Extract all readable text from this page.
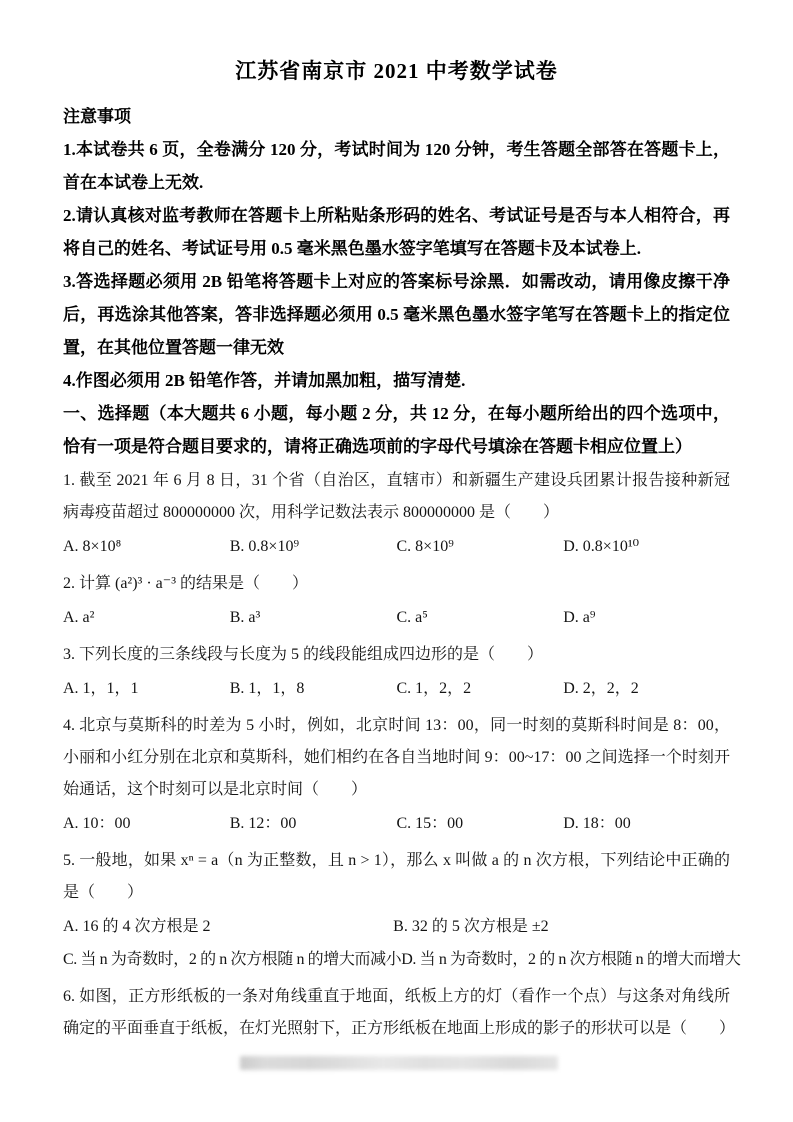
江苏省南京市 2021 中考数学试卷
注意事项
1.本试卷共 6 页，全卷满分 120 分，考试时间为 120 分钟，考生答题全部答在答题卡上，首在本试卷上无效.
2.请认真核对监考教师在答题卡上所粘贴条形码的姓名、考试证号是否与本人相符合，再将自己的姓名、考试证号用 0.5 毫米黑色墨水签字笔填写在答题卡及本试卷上.
3.答选择题必须用 2B 铅笔将答题卡上对应的答案标号涂黑．如需改动，请用像皮擦干净后，再选涂其他答案，答非选择题必须用 0.5 毫米黑色墨水签字笔写在答题卡上的指定位置，在其他位置答题一律无效
4.作图必须用 2B 铅笔作答，并请加黑加粗，描写清楚.
一、选择题（本大题共 6 小题，每小题 2 分，共 12 分，在每小题所给出的四个选项中，恰有一项是符合题目要求的，请将正确选项前的字母代号填涂在答题卡相应位置上）
1. 截至 2021 年 6 月 8 日，31 个省（自治区，直辖市）和新疆生产建设兵团累计报告接种新冠病毒疫苗超过 800000000 次，用科学记数法表示 800000000 是（　　）
A. 8×10⁸	B. 0.8×10⁹	C. 8×10⁹	D. 0.8×10¹⁰
2. 计算 (a²)³ · a⁻³ 的结果是（　　）
A. a²	B. a³	C. a⁵	D. a⁹
3. 下列长度的三条线段与长度为 5 的线段能组成四边形的是（　　）
A. 1，1，1	B. 1，1，8	C. 1，2，2	D. 2，2，2
4. 北京与莫斯科的时差为 5 小时，例如，北京时间 13：00，同一时刻的莫斯科时间是 8：00，小丽和小红分别在北京和莫斯科，她们相约在各自当地时间 9：00~17：00 之间选择一个时刻开始通话，这个时刻可以是北京时间（　　）
A. 10：00	B. 12：00	C. 15：00	D. 18：00
5. 一般地，如果 xⁿ = a（n 为正整数，且 n > 1），那么 x 叫做 a 的 n 次方根，下列结论中正确的是（　　）
A. 16 的 4 次方根是 2	B. 32 的 5 次方根是 ±2
C. 当 n 为奇数时，2 的 n 次方根随 n 的增大而减小 D. 当 n 为奇数时，2 的 n 次方根随 n 的增大而增大
6. 如图，正方形纸板的一条对角线重直于地面，纸板上方的灯（看作一个点）与这条对角线所确定的平面垂直于纸板，在灯光照射下，正方形纸板在地面上形成的影子的形状可以是（　　）
